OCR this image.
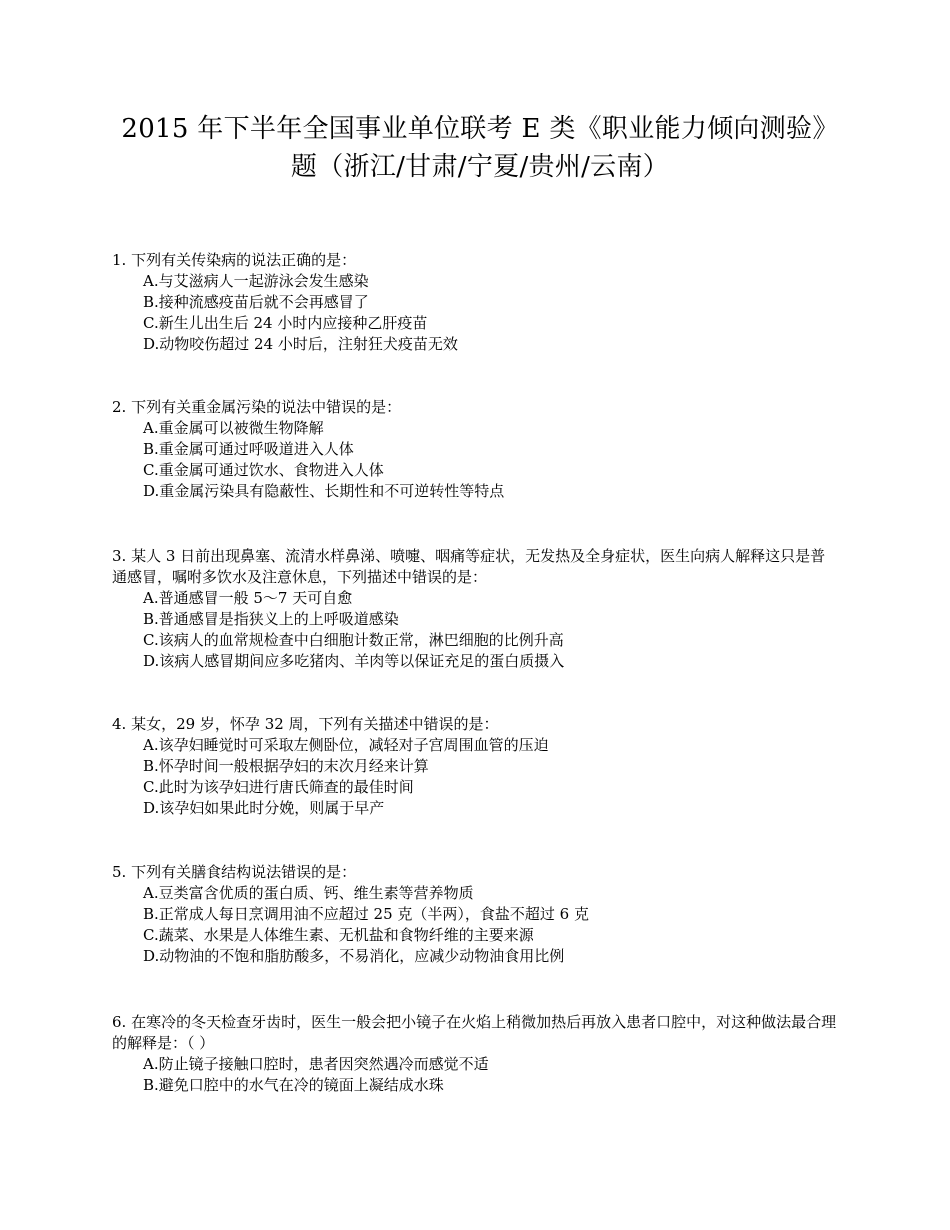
2015 年下半年全国事业单位联考 E 类《职业能力倾向测验》
题（浙江/甘肃/宁夏/贵州/云南）
1. 下列有关传染病的说法正确的是：
A.与艾滋病人一起游泳会发生感染
B.接种流感疫苗后就不会再感冒了
C.新生儿出生后 24 小时内应接种乙肝疫苗
D.动物咬伤超过 24 小时后，注射狂犬疫苗无效
2. 下列有关重金属污染的说法中错误的是：
A.重金属可以被微生物降解
B.重金属可通过呼吸道进入人体
C.重金属可通过饮水、食物进入人体
D.重金属污染具有隐蔽性、长期性和不可逆转性等特点
3. 某人 3 日前出现鼻塞、流清水样鼻涕、喷嚏、咽痛等症状，无发热及全身症状，医生向病人解释这只是普通感冒，嘱咐多饮水及注意休息，下列描述中错误的是：
A.普通感冒一般 5～7 天可自愈
B.普通感冒是指狭义上的上呼吸道感染
C.该病人的血常规检查中白细胞计数正常，淋巴细胞的比例升高
D.该病人感冒期间应多吃猪肉、羊肉等以保证充足的蛋白质摄入
4. 某女，29 岁，怀孕 32 周，下列有关描述中错误的是：
A.该孕妇睡觉时可采取左侧卧位，减轻对子宫周围血管的压迫
B.怀孕时间一般根据孕妇的末次月经来计算
C.此时为该孕妇进行唐氏筛查的最佳时间
D.该孕妇如果此时分娩，则属于早产
5. 下列有关膳食结构说法错误的是：
A.豆类富含优质的蛋白质、钙、维生素等营养物质
B.正常成人每日烹调用油不应超过 25 克（半两），食盐不超过 6 克
C.蔬菜、水果是人体维生素、无机盐和食物纤维的主要来源
D.动物油的不饱和脂肪酸多，不易消化，应减少动物油食用比例
6. 在寒冷的冬天检查牙齿时，医生一般会把小镜子在火焰上稍微加热后再放入患者口腔中，对这种做法最合理的解释是：（ ）
A.防止镜子接触口腔时，患者因突然遇冷而感觉不适
B.避免口腔中的水气在冷的镜面上凝结成水珠
